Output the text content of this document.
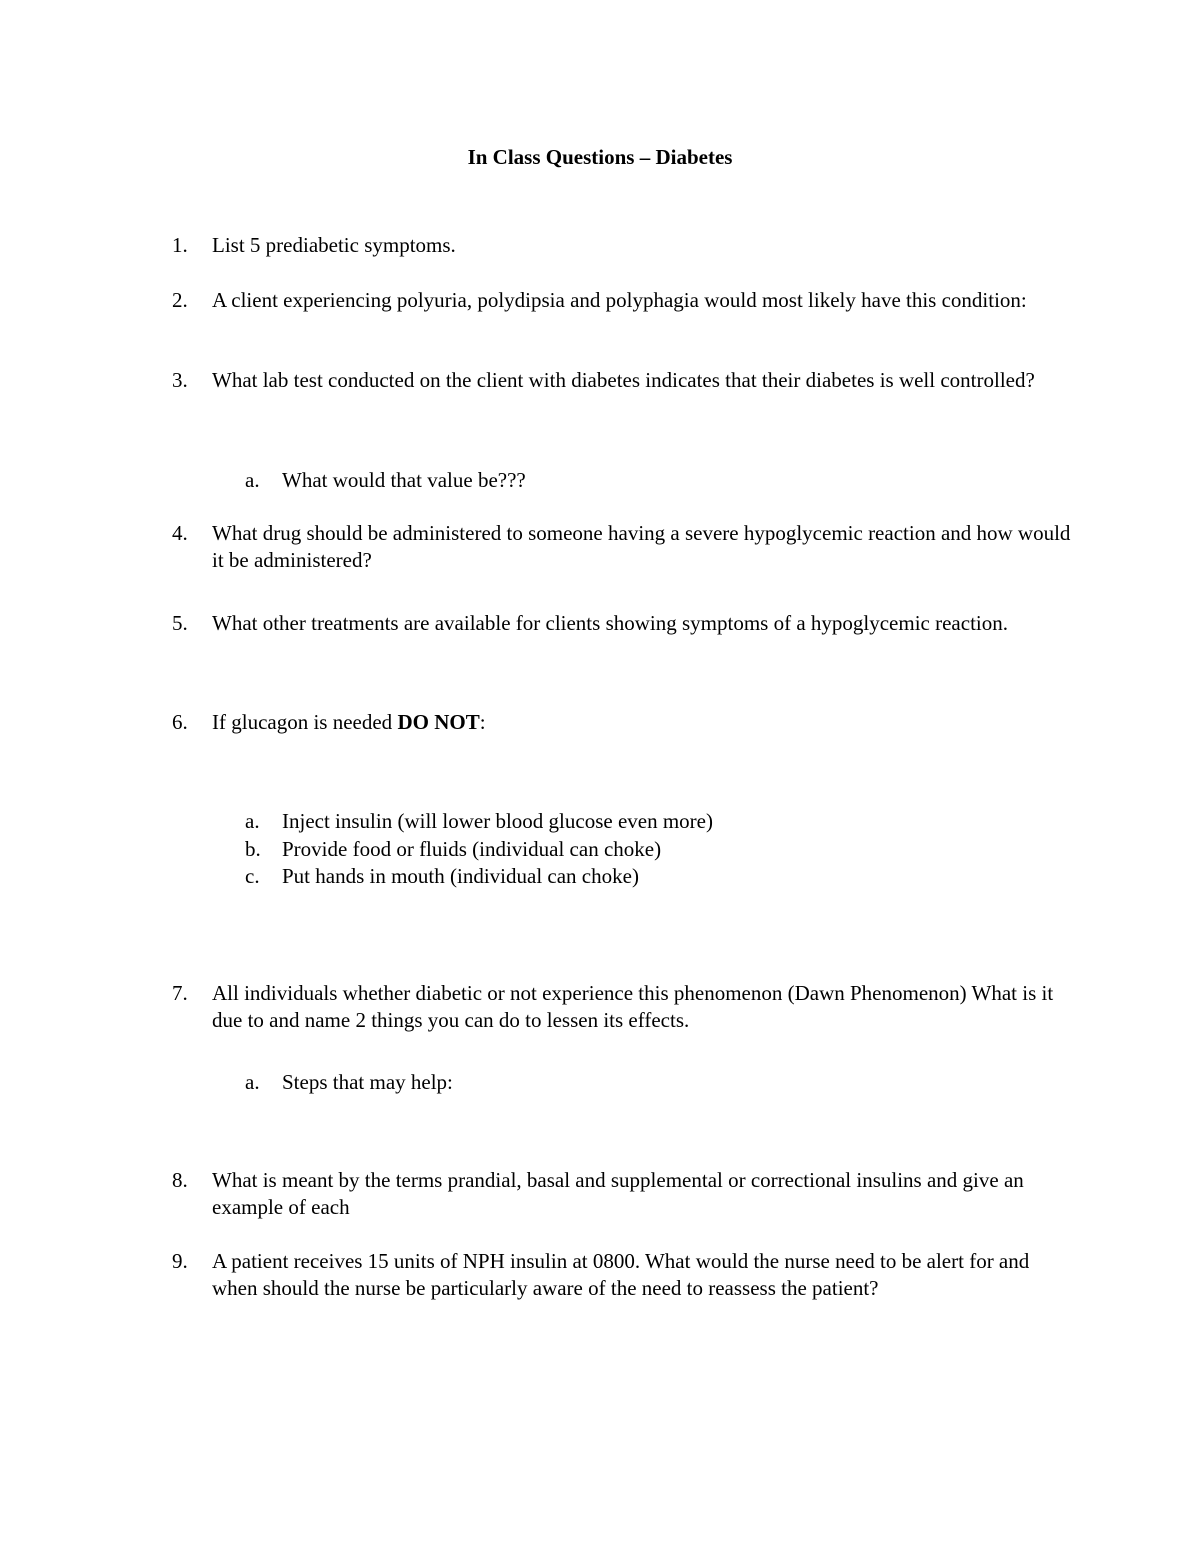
In Class Questions – Diabetes
1.	List 5 prediabetic symptoms.
2.	A client experiencing polyuria, polydipsia and polyphagia would most likely have this condition:
3.	What lab test conducted on the client with diabetes indicates that their diabetes is well controlled?
a. What would that value be???
4.	What drug should be administered to someone having a severe hypoglycemic reaction and how would it be administered?
5.	What other treatments are available for clients showing symptoms of a hypoglycemic reaction.
6.	If glucagon is needed DO NOT:
a. Inject insulin (will lower blood glucose even more)
b. Provide food or fluids (individual can choke)
c. Put hands in mouth (individual can choke)
7.	All individuals whether diabetic or not experience this phenomenon (Dawn Phenomenon) What is it due to and name 2 things you can do to lessen its effects.
a. Steps that may help:
8.	What is meant by the terms prandial, basal and supplemental or correctional insulins and give an example of each
9.	A patient receives 15 units of NPH insulin at 0800. What would the nurse need to be alert for and when should the nurse be particularly aware of the need to reassess the patient?
